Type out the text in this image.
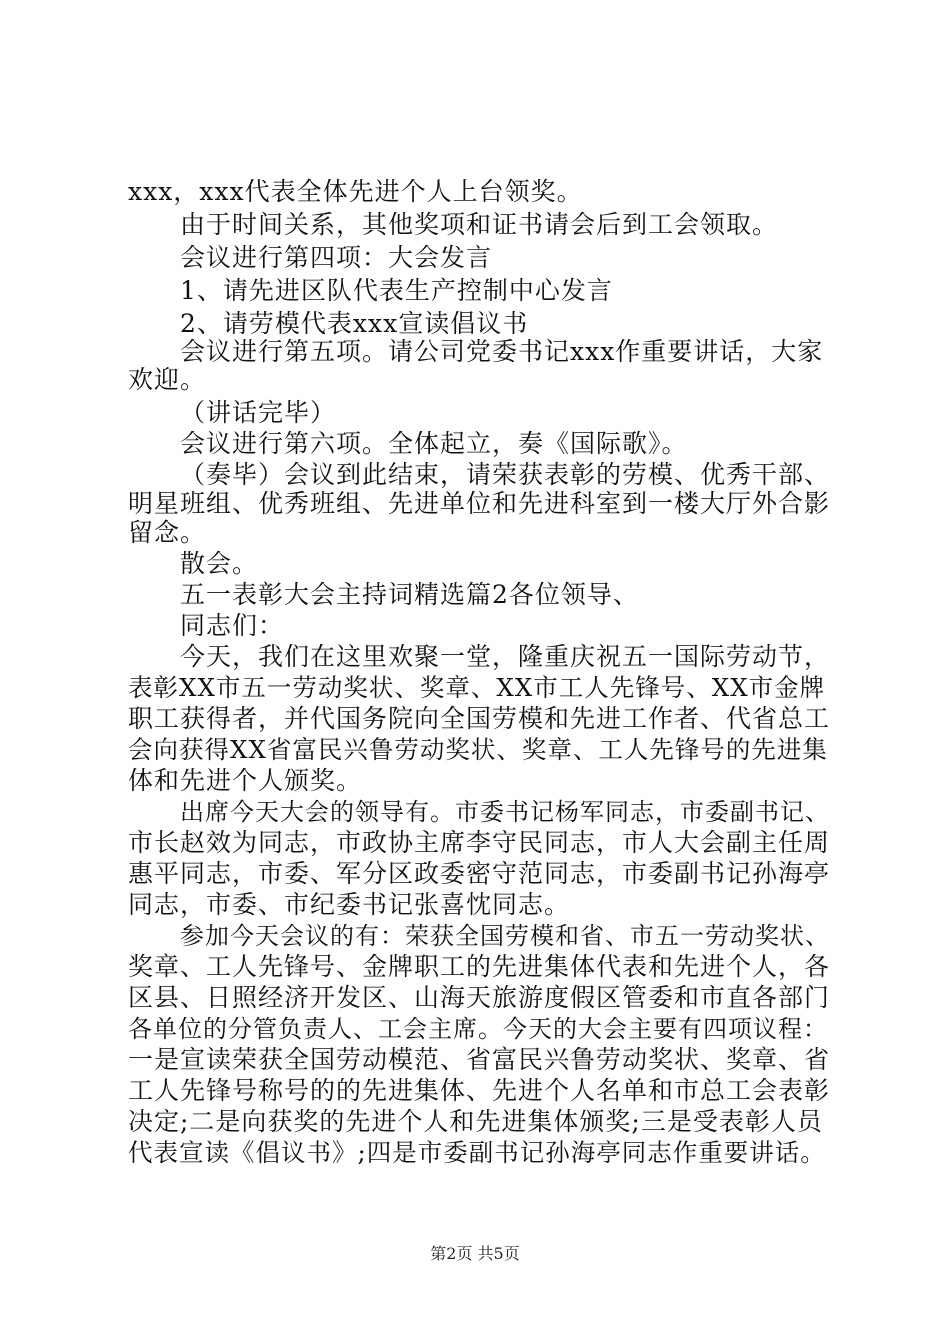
xxx，xxx代表全体先进个人上台领奖。
由于时间关系，其他奖项和证书请会后到工会领取。
会议进行第四项：大会发言
1、请先进区队代表生产控制中心发言
2、请劳模代表xxx宣读倡议书
会议进行第五项。请公司党委书记xxx作重要讲话，大家
欢迎。
（讲话完毕）
会议进行第六项。全体起立，奏《国际歌》。
（奏毕）会议到此结束，请荣获表彰的劳模、优秀干部、
明星班组、优秀班组、先进单位和先进科室到一楼大厅外合影
留念。
散会。
五一表彰大会主持词精选篇2各位领导、
同志们：
今天，我们在这里欢聚一堂，隆重庆祝五一国际劳动节，
表彰XX市五一劳动奖状、奖章、XX市工人先锋号、XX市金牌
职工获得者，并代国务院向全国劳模和先进工作者、代省总工
会向获得XX省富民兴鲁劳动奖状、奖章、工人先锋号的先进集
体和先进个人颁奖。
出席今天大会的领导有。市委书记杨军同志，市委副书记、
市长赵效为同志，市政协主席李守民同志，市人大会副主任周
惠平同志，市委、军分区政委密守范同志，市委副书记孙海亭
同志，市委、市纪委书记张喜忱同志。
参加今天会议的有：荣获全国劳模和省、市五一劳动奖状、
奖章、工人先锋号、金牌职工的先进集体代表和先进个人，各
区县、日照经济开发区、山海天旅游度假区管委和市直各部门
各单位的分管负责人、工会主席。今天的大会主要有四项议程：
一是宣读荣获全国劳动模范、省富民兴鲁劳动奖状、奖章、省
工人先锋号称号的的先进集体、先进个人名单和市总工会表彰
决定;二是向获奖的先进个人和先进集体颁奖;三是受表彰人员
代表宣读《倡议书》;四是市委副书记孙海亭同志作重要讲话。
第2页 共5页
